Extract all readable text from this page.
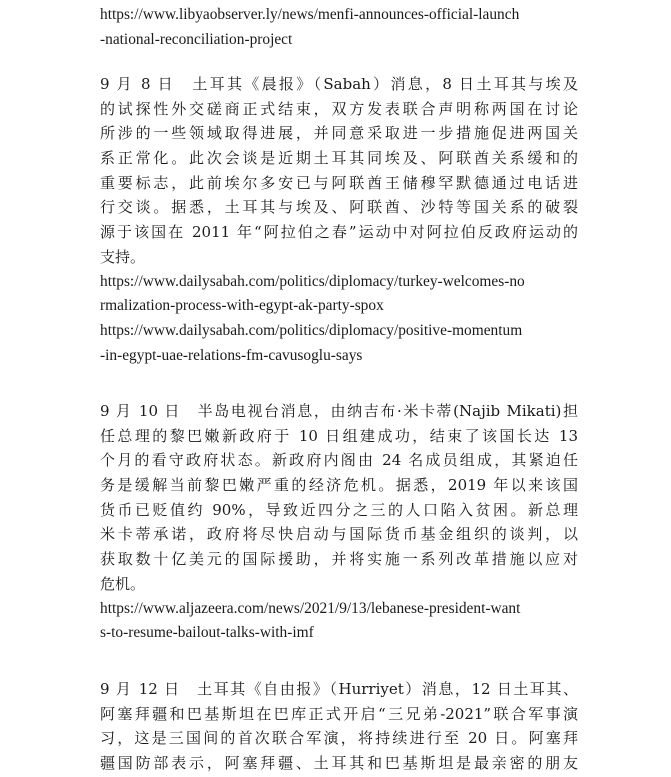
https://www.libyaobserver.ly/news/menfi-announces-official-launch
-national-reconciliation-project
9 月 8 日　土耳其《晨报》（Sabah）消息，8 日土耳其与埃及
的试探性外交磋商正式结束，双方发表联合声明称两国在讨论
所涉的一些领域取得进展，并同意采取进一步措施促进两国关
系正常化。此次会谈是近期土耳其同埃及、阿联酋关系缓和的
重要标志，此前埃尔多安已与阿联酋王储穆罕默德通过电话进
行交谈。据悉，土耳其与埃及、阿联酋、沙特等国关系的破裂
源于该国在 2011 年“阿拉伯之春”运动中对阿拉伯反政府运动的
支持。
https://www.dailysabah.com/politics/diplomacy/turkey-welcomes-no
rmalization-process-with-egypt-ak-party-spox
https://www.dailysabah.com/politics/diplomacy/positive-momentum
-in-egypt-uae-relations-fm-cavusoglu-says
9 月 10 日　半岛电视台消息，由纳吉布·米卡蒂(Najib Mikati)担
任总理的黎巴嫩新政府于 10 日组建成功，结束了该国长达 13
个月的看守政府状态。新政府内阁由 24 名成员组成，其紧迫任
务是缓解当前黎巴嫩严重的经济危机。据悉，2019 年以来该国
货币已贬值约 90%，导致近四分之三的人口陷入贫困。新总理
米卡蒂承诺，政府将尽快启动与国际货币基金组织的谈判，以
获取数十亿美元的国际援助，并将实施一系列改革措施以应对
危机。
https://www.aljazeera.com/news/2021/9/13/lebanese-president-want
s-to-resume-bailout-talks-with-imf
9 月 12 日　土耳其《自由报》（Hurriyet）消息，12 日土耳其、
阿塞拜疆和巴基斯坦在巴库正式开启“三兄弟-2021”联合军事演
习，这是三国间的首次联合军演，将持续进行至 20 日。阿塞拜
疆国防部表示，阿塞拜疆、土耳其和巴基斯坦是最亲密的朋友
